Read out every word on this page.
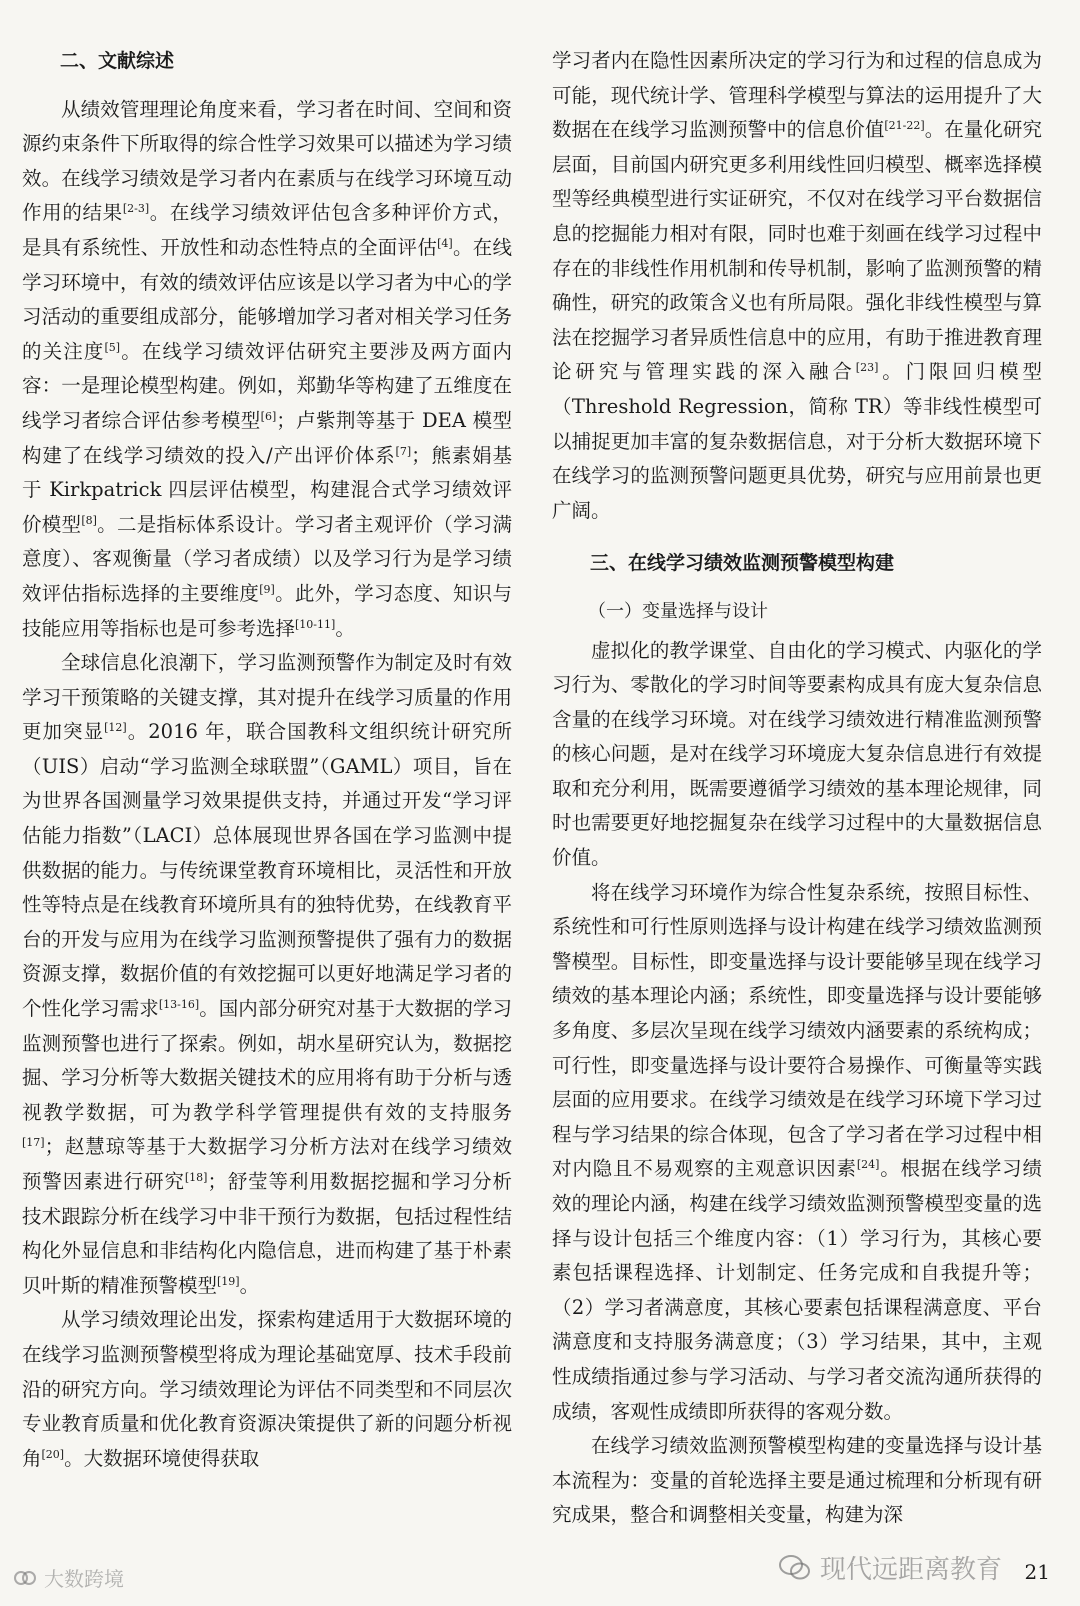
二、文献综述

从绩效管理理论角度来看，学习者在时间、空间和资源约束条件下所取得的综合性学习效果可以描述为学习绩效。在线学习绩效是学习者内在素质与在线学习环境互动作用的结果[2-3]。在线学习绩效评估包含多种评价方式，是具有系统性、开放性和动态性特点的全面评估[4]。在线学习环境中，有效的绩效评估应该是以学习者为中心的学习活动的重要组成部分，能够增加学习者对相关学习任务的关注度[5]。在线学习绩效评估研究主要涉及两方面内容：一是理论模型构建。例如，郑勤华等构建了五维度在线学习者综合评估参考模型[6]；卢紫荆等基于 DEA 模型构建了在线学习绩效的投入/产出评价体系[7]；熊素娟基于 Kirkpatrick 四层评估模型，构建混合式学习绩效评价模型[8]。二是指标体系设计。学习者主观评价（学习满意度）、客观衡量（学习者成绩）以及学习行为是学习绩效评估指标选择的主要维度[9]。此外，学习态度、知识与技能应用等指标也是可参考选择[10-11]。

全球信息化浪潮下，学习监测预警作为制定及时有效学习干预策略的关键支撑，其对提升在线学习质量的作用更加突显[12]。2016 年，联合国教科文组织统计研究所（UIS）启动“学习监测全球联盟”（GAML）项目，旨在为世界各国测量学习效果提供支持，并通过开发“学习评估能力指数”（LACI）总体展现世界各国在学习监测中提供数据的能力。与传统课堂教育环境相比，灵活性和开放性等特点是在线教育环境所具有的独特优势，在线教育平台的开发与应用为在线学习监测预警提供了强有力的数据资源支撑，数据价值的有效挖掘可以更好地满足学习者的个性化学习需求[13-16]。国内部分研究对基于大数据的学习监测预警也进行了探索。例如，胡水星研究认为，数据挖掘、学习分析等大数据关键技术的应用将有助于分析与透视教学数据，可为教学科学管理提供有效的支持服务[17]；赵慧琼等基于大数据学习分析方法对在线学习绩效预警因素进行研究[18]；舒莹等利用数据挖掘和学习分析技术跟踪分析在线学习中非干预行为数据，包括过程性结构化外显信息和非结构化内隐信息，进而构建了基于朴素贝叶斯的精准预警模型[19]。

从学习绩效理论出发，探索构建适用于大数据环境的在线学习监测预警模型将成为理论基础宽厚、技术手段前沿的研究方向。学习绩效理论为评估不同类型和不同层次专业教育质量和优化教育资源决策提供了新的问题分析视角[20]。大数据环境使得获取

学习者内在隐性因素所决定的学习行为和过程的信息成为可能，现代统计学、管理科学模型与算法的运用提升了大数据在在线学习监测预警中的信息价值[21-22]。在量化研究层面，目前国内研究更多利用线性回归模型、概率选择模型等经典模型进行实证研究，不仅对在线学习平台数据信息的挖掘能力相对有限，同时也难于刻画在线学习过程中存在的非线性作用机制和传导机制，影响了监测预警的精确性，研究的政策含义也有所局限。强化非线性模型与算法在挖掘学习者异质性信息中的应用，有助于推进教育理论研究与管理实践的深入融合[23]。门限回归模型（Threshold Regression，简称 TR）等非线性模型可以捕捉更加丰富的复杂数据信息，对于分析大数据环境下在线学习的监测预警问题更具优势，研究与应用前景也更广阔。

三、在线学习绩效监测预警模型构建

（一）变量选择与设计

虚拟化的教学课堂、自由化的学习模式、内驱化的学习行为、零散化的学习时间等要素构成具有庞大复杂信息含量的在线学习环境。对在线学习绩效进行精准监测预警的核心问题，是对在线学习环境庞大复杂信息进行有效提取和充分利用，既需要遵循学习绩效的基本理论规律，同时也需要更好地挖掘复杂在线学习过程中的大量数据信息价值。

将在线学习环境作为综合性复杂系统，按照目标性、系统性和可行性原则选择与设计构建在线学习绩效监测预警模型。目标性，即变量选择与设计要能够呈现在线学习绩效的基本理论内涵；系统性，即变量选择与设计要能够多角度、多层次呈现在线学习绩效内涵要素的系统构成；可行性，即变量选择与设计要符合易操作、可衡量等实践层面的应用要求。在线学习绩效是在线学习环境下学习过程与学习结果的综合体现，包含了学习者在学习过程中相对内隐且不易观察的主观意识因素[24]。根据在线学习绩效的理论内涵，构建在线学习绩效监测预警模型变量的选择与设计包括三个维度内容：（1）学习行为，其核心要素包括课程选择、计划制定、任务完成和自我提升等；（2）学习者满意度，其核心要素包括课程满意度、平台满意度和支持服务满意度；（3）学习结果，其中，主观性成绩指通过参与学习活动、与学习者交流沟通所获得的成绩，客观性成绩即所获得的客观分数。

在线学习绩效监测预警模型构建的变量选择与设计基本流程为：变量的首轮选择主要是通过梳理和分析现有研究成果，整合和调整相关变量，构建为深

大数跨境	现代远距离教育 21
